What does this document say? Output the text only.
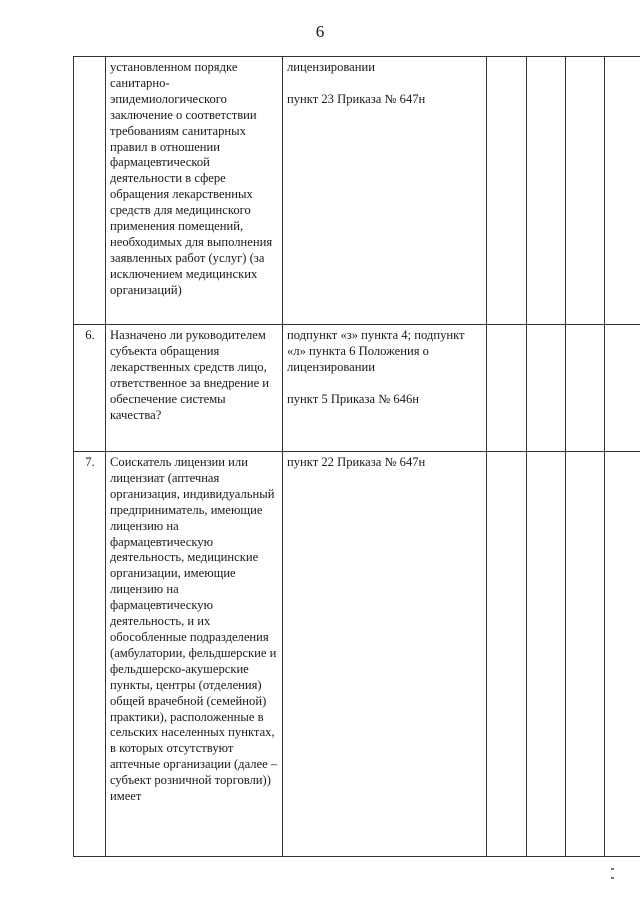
6
	установленном порядке санитарно-эпидемиологического заключение о соответствии требованиям санитарных правил в отношении фармацевтической деятельности в сфере обращения лекарственных средств для медицинского применения помещений, необходимых для выполнения заявленных работ (услуг) (за исключением медицинских организаций)	лицензировании
пункт 23 Приказа № 647н				

6.	Назначено ли руководителем субъекта обращения лекарственных средств лицо, ответственное за внедрение и обеспечение системы качества?	подпункт «з» пункта 4; подпункт «л» пункта 6 Положения о лицензировании
пункт 5 Приказа № 646н				

7.	Соискатель лицензии или лицензиат (аптечная организация, индивидуальный предприниматель, имеющие лицензию на фармацевтическую деятельность, медицинские организации, имеющие лицензию на фармацевтическую деятельность, и их обособленные подразделения (амбулатории, фельдшерские и фельдшерско-акушерские пункты, центры (отделения) общей врачебной (семейной) практики), расположенные в сельских населенных пунктах, в которых отсутствуют аптечные организации (далее – субъект розничной торговли)) имеет	пункт 22 Приказа № 647н				
